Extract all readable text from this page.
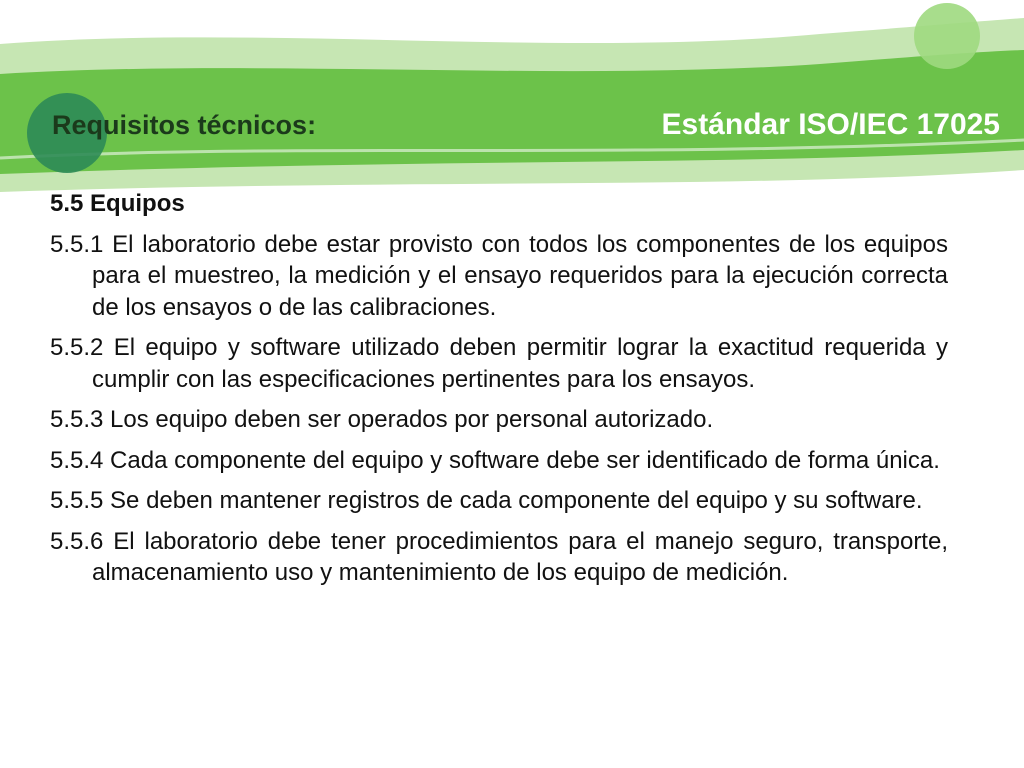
Requisitos técnicos:	Estándar ISO/IEC 17025

5.5 Equipos

5.5.1 El laboratorio debe estar provisto con todos los componentes de los equipos para el muestreo, la medición y el ensayo requeridos para la ejecución correcta de los ensayos o de las calibraciones.

5.5.2 El equipo y software utilizado deben permitir lograr la exactitud requerida y cumplir con las especificaciones pertinentes para los ensayos.

5.5.3 Los equipo deben ser operados por personal autorizado.

5.5.4 Cada componente del equipo y software debe ser identificado de forma única.

5.5.5 Se deben mantener registros de cada componente del equipo y su software.

5.5.6 El laboratorio debe tener procedimientos para el manejo seguro, transporte, almacenamiento uso y mantenimiento de los equipo de medición.
